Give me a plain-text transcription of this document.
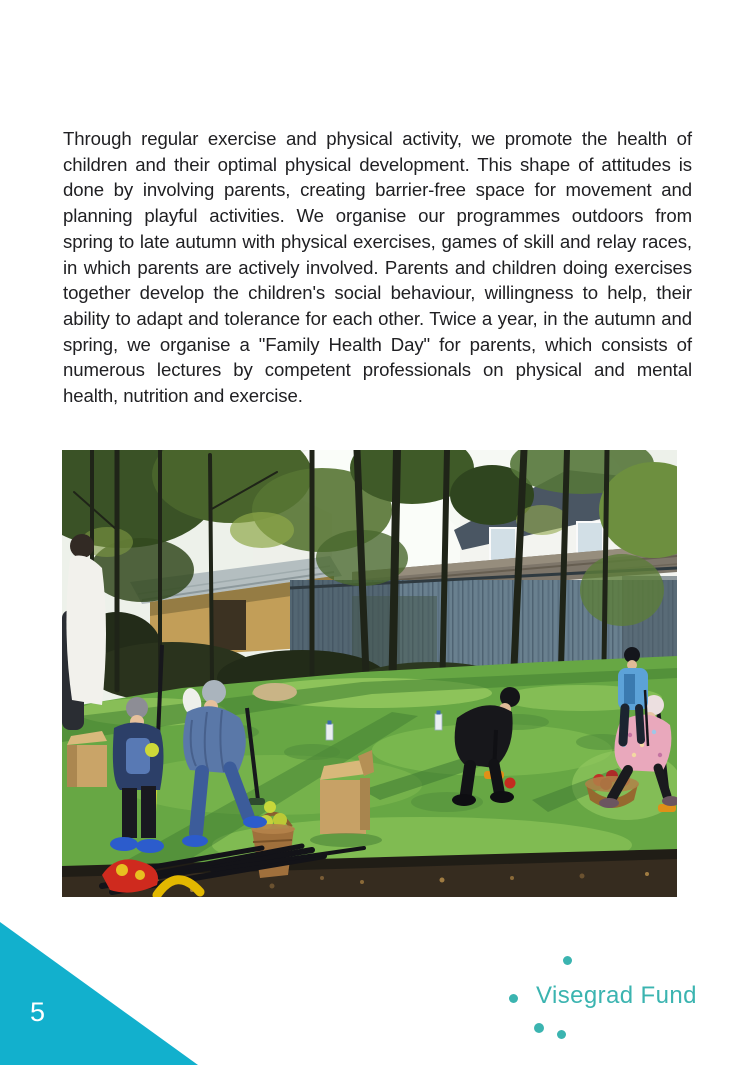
Through regular exercise and physical activity, we promote the health of children and their optimal physical development. This shape of attitudes is done by involving parents, creating barrier-free space for movement and planning playful activities. We organise our programmes outdoors from spring to late autumn with physical exercises, games of skill and relay races, in which parents are actively involved. Parents and children doing exercises together develop the children's social behaviour, willingness to help, their ability to adapt and tolerance for each other. Twice a year, in the autumn and spring, we organise a "Family Health Day" for parents, which consists of numerous lectures by competent professionals on physical and mental health, nutrition and exercise.

5
Visegrad Fund
